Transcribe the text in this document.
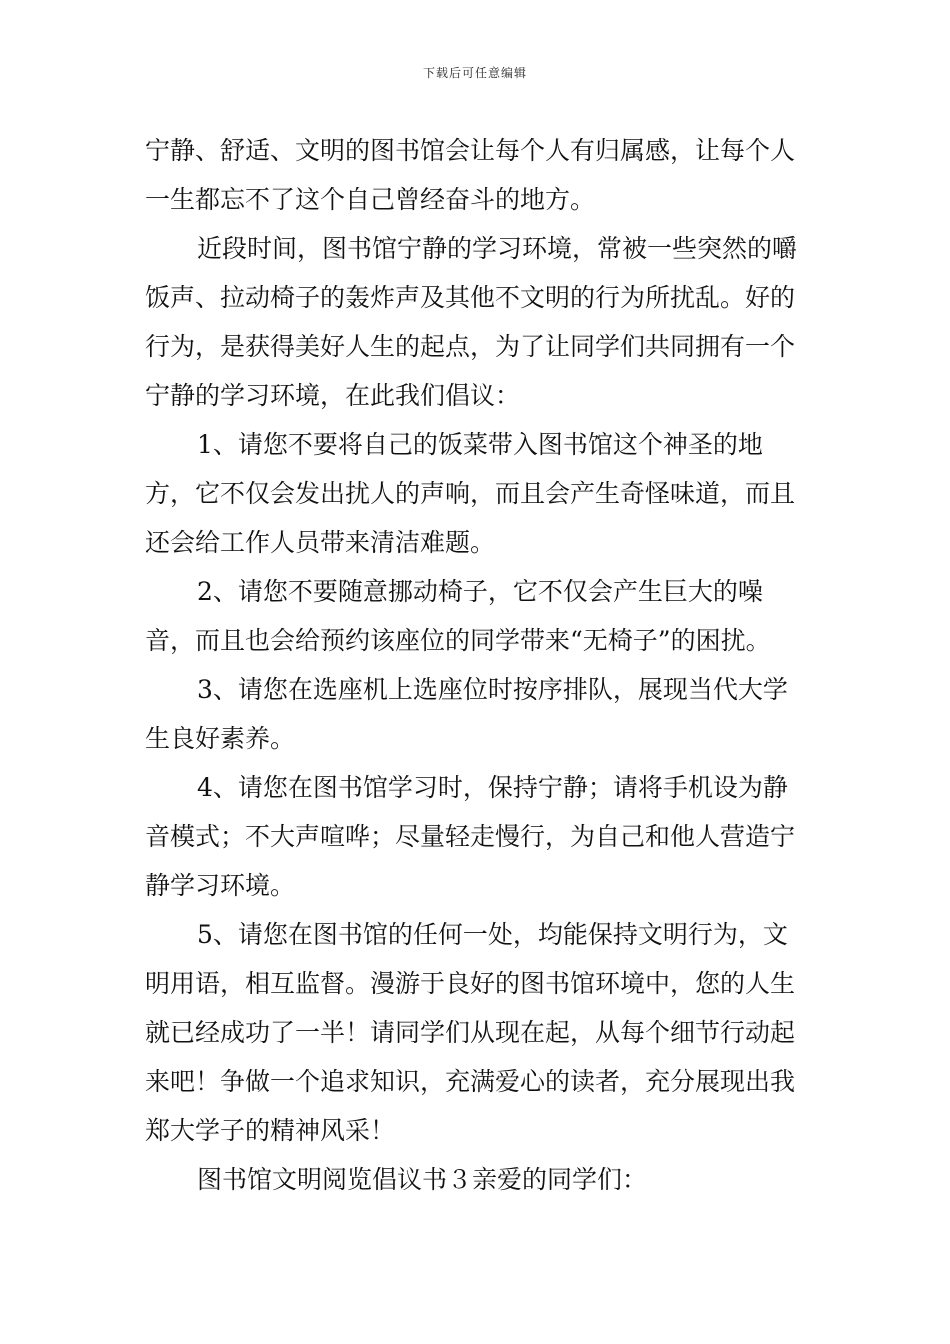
下载后可任意编辑

宁静、舒适、文明的图书馆会让每个人有归属感，让每个人一生都忘不了这个自己曾经奋斗的地方。

近段时间，图书馆宁静的学习环境，常被一些突然的嚼饭声、拉动椅子的轰炸声及其他不文明的行为所扰乱。好的行为，是获得美好人生的起点，为了让同学们共同拥有一个宁静的学习环境，在此我们倡议：

1、请您不要将自己的饭菜带入图书馆这个神圣的地方，它不仅会发出扰人的声响，而且会产生奇怪味道，而且还会给工作人员带来清洁难题。

2、请您不要随意挪动椅子，它不仅会产生巨大的噪音，而且也会给预约该座位的同学带来“无椅子”的困扰。

3、请您在选座机上选座位时按序排队，展现当代大学生良好素养。

4、请您在图书馆学习时，保持宁静；请将手机设为静音模式；不大声喧哗；尽量轻走慢行，为自己和他人营造宁静学习环境。

5、请您在图书馆的任何一处，均能保持文明行为，文明用语，相互监督。漫游于良好的图书馆环境中，您的人生就已经成功了一半！请同学们从现在起，从每个细节行动起来吧！争做一个追求知识，充满爱心的读者，充分展现出我郑大学子的精神风采！

图书馆文明阅览倡议书３亲爱的同学们：
